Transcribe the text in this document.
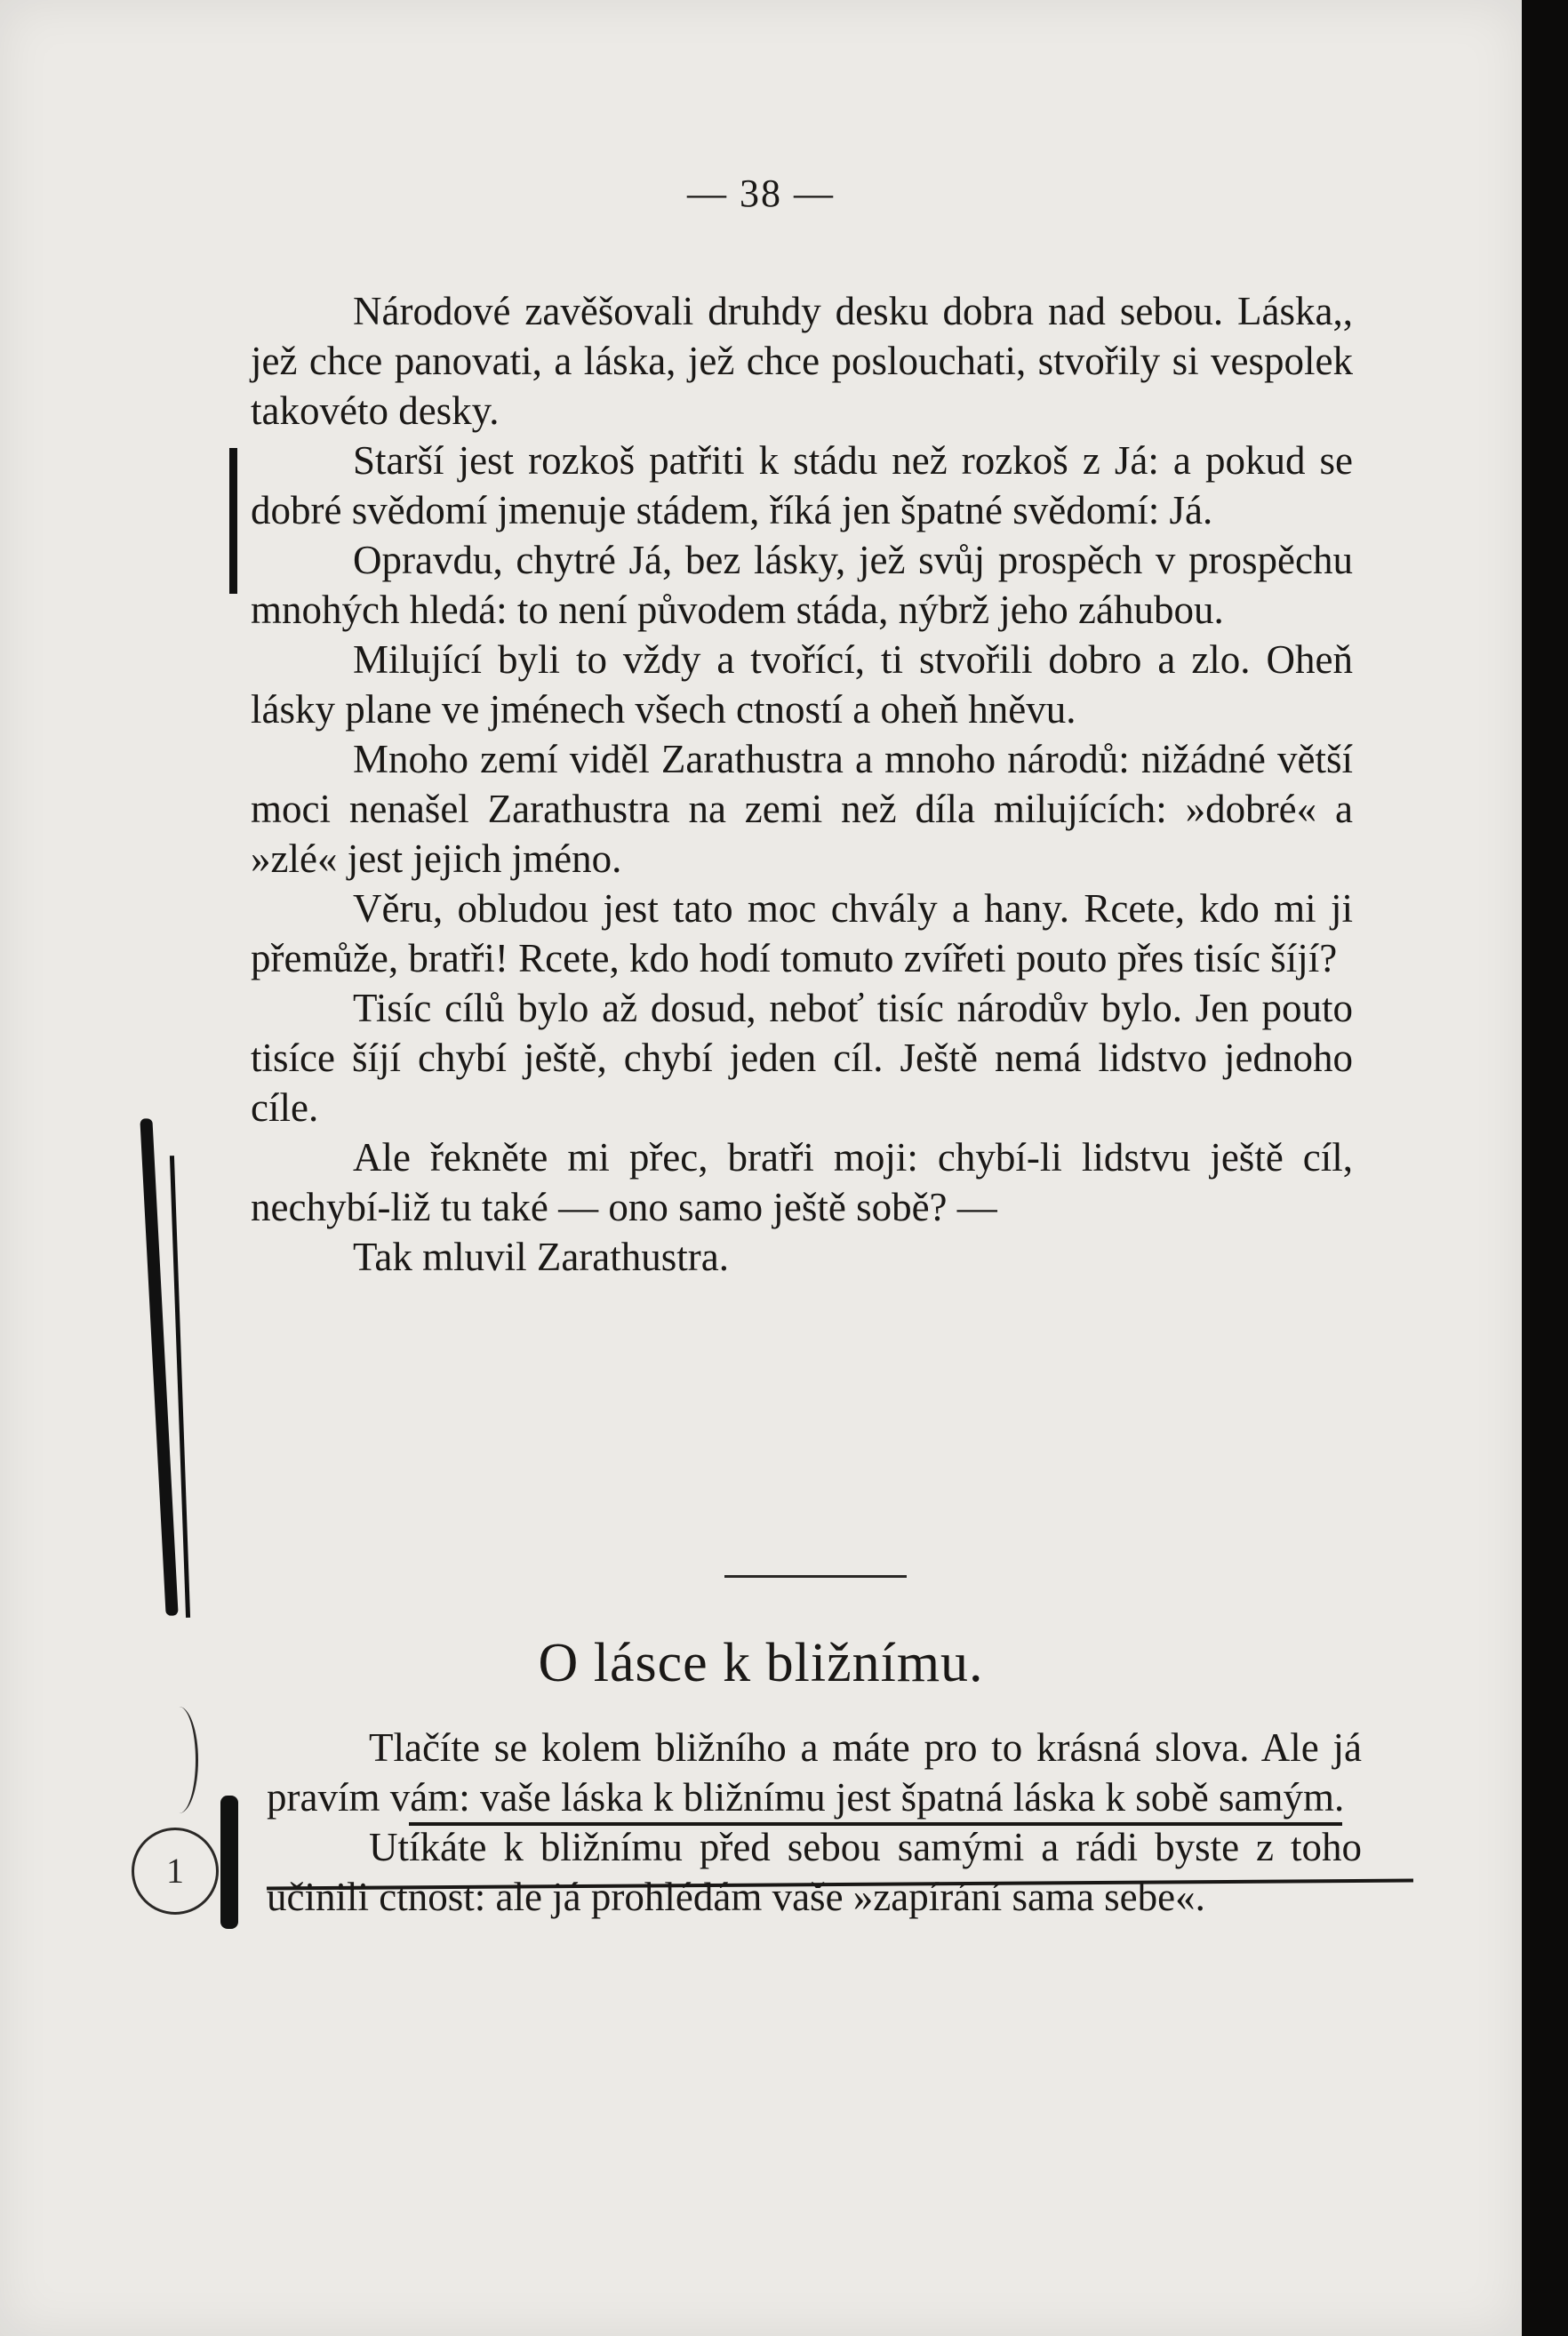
— 38 —

Národové zavěšovali druhdy desku dobra nad sebou. Láska,, jež chce panovati, a láska, jež chce poslouchati, stvořily si vespolek takovéto desky.

Starší jest rozkoš patřiti k stádu než rozkoš z Já: a pokud se dobré svědomí jmenuje stádem, říká jen špatné svědomí: Já.

Opravdu, chytré Já, bez lásky, jež svůj prospěch v prospěchu mnohých hledá: to není původem stáda, nýbrž jeho záhubou.

Milující byli to vždy a tvořící, ti stvořili dobro a zlo. Oheň lásky plane ve jménech všech ctností a oheň hněvu.

Mnoho zemí viděl Zarathustra a mnoho národů: nižádné větší moci nenašel Zarathustra na zemi než díla milujících: »dobré« a »zlé« jest jejich jméno.

Věru, obludou jest tato moc chvály a hany. Rcete, kdo mi ji přemůže, bratři! Rcete, kdo hodí tomuto zvířeti pouto přes tisíc šíjí?

Tisíc cílů bylo až dosud, neboť tisíc národův bylo. Jen pouto tisíce šíjí chybí ještě, chybí jeden cíl. Ještě nemá lidstvo jednoho cíle.

Ale řekněte mi přec, bratři moji: chybí-li lidstvu ještě cíl, nechybí-liž tu také — ono samo ještě sobě? —

Tak mluvil Zarathustra.

O lásce k bližnímu.

Tlačíte se kolem bližního a máte pro to krásná slova. Ale já pravím vám: vaše láska k bližnímu jest špatná láska k sobě samým.

Utíkáte k bližnímu před sebou samými a rádi byste z toho učinili ctnost: ale já prohlédám vaše »zapírání sama sebe«.

1
